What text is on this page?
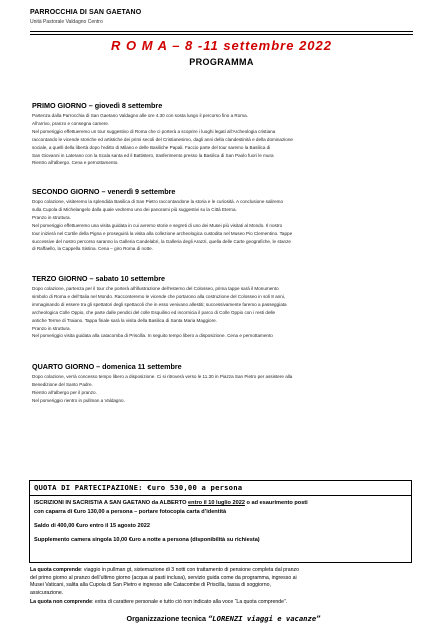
PARROCCHIA DI SAN GAETANO
Unità Pastorale Valdagno Centro
R O M A – 8 -11 settembre 2022
PROGRAMMA
PRIMO GIORNO – giovedì 8 settembre
Partenza dalla Parrocchia di San Gaetano Valdagno alle ore 4.30 con sosta lungo il percorso fino a Roma.
All’arrivo, pranzo e consegna camere.
Nel pomeriggio effettueremo un tour suggestivo di Roma che ci porterà a scoprire i luoghi legati all’Archeologia cristiana
raccontando le vicende storiche ed artistiche dei primi secoli del Cristianesimo, dagli anni della clandestinità e della dominazione
sociale, a quelli della libertà dopo l’editto di Milano e delle Basiliche Papali. Faccio parte del tour saremo la Basilica di
San Giovanni in Laterano con la Scala santa ed il Battistero, trasferimento presso la Basilica di San Paolo fuori le mura
Rientro all’albergo. Cena e pernottamento.
SECONDO GIORNO – venerdì 9 settembre
Dopo colazione, visiteremo la splendida Basilica di San Pietro raccontandone la storia e le curiosità. A conclusione saliremo
sulla Cupola di Michelangelo dalla quale vedremo uno dei panorami più suggestivi su la Città Eterna.
Pranzo in struttura.
Nel pomeriggio effettueremo una visita guidata in cui avremo storie e segreti di uno dei Musei più visitati al Mondo. Il nostro
tour inizierà nel Cortile della Pigna e proseguirà la visita alla collezione archeologica custodita nel Museo Pio Clementino. Tappe
successive del nostro percorso saranno la Galleria Candelabri, la Galleria degli Arazzi, quella delle Carte geografiche, le stanze
di Raffaello, la Cappella Sistina. Cena – giro Roma di notte.
TERZO GIORNO – sabato 10 settembre
Dopo colazione, partenza per il tour che porterà all’illustrazione dell’esterno del Colosseo, prima tappe sarà il Monumento
simbolo di Roma e dell’Italia nel Mondo. Racconteremo le vicende che portarono alla costruzione del Colosseo in soli 8 anni,
immaginando di essere tra gli spettatori degli spettacoli che in esso venivano allestiti; successivamente faremo a passeggiata
archeologica Colle Oppio, che parte dalle pendici del colle Esquilino ed incornicia il parco di Colle Oppio con i resti delle
antiche Terme di Traiano. Tappa finale sarà la visita della Basilica di Santa Maria Maggiore.
Pranzo in struttura.
Nel pomeriggio visita guidata alla catacomba di Priscilla. In seguito tempo libero a disposizione. Cena e pernottamento
QUARTO GIORNO – domenica 11 settembre
Dopo colazione, verrà concesso tempo libero a disposizione. Ci si ritroverà verso le 11.30 in Piazza San Pietro per assistere alla
Benedizione del Santo Padre.
Rientro all’albergo per il pranzo.
Nel pomeriggio rientro in pullman a Valdagno.
QUOTA DI PARTECIPAZIONE: €uro 530,00 a persona
ISCRIZIONI IN SACRISTIA A SAN GAETANO da ALBERTO entro il 10 luglio 2022 o ad esaurimento posti
con caparra di €uro 130,00 a persona – portare fotocopia carta d’identità
Saldo di 400,00 €uro entro il 15 agosto 2022
Supplemento camera singola 10,00 €uro a notte a persona (disponibilità su richiesta)
La quota comprende: viaggio in pullman gt, sistemazione di 3 notti con trattamento di pensione completa dal pranzo
del primo giorno al pranzo dell’ultimo giorno (acqua ai pasti inclusa), servizio guida come da programma, ingresso ai
Musei Vaticani, salita alla Cupola di San Pietro e ingresso alle Catacombe di Priscilla, tassa di soggiorno,
assicurazione.
La quota non comprende: extra di carattere personale e tutto ciò non indicato alla voce “La quota comprende”.
Organizzazione tecnica “LORENZI viaggi e vacanze”
